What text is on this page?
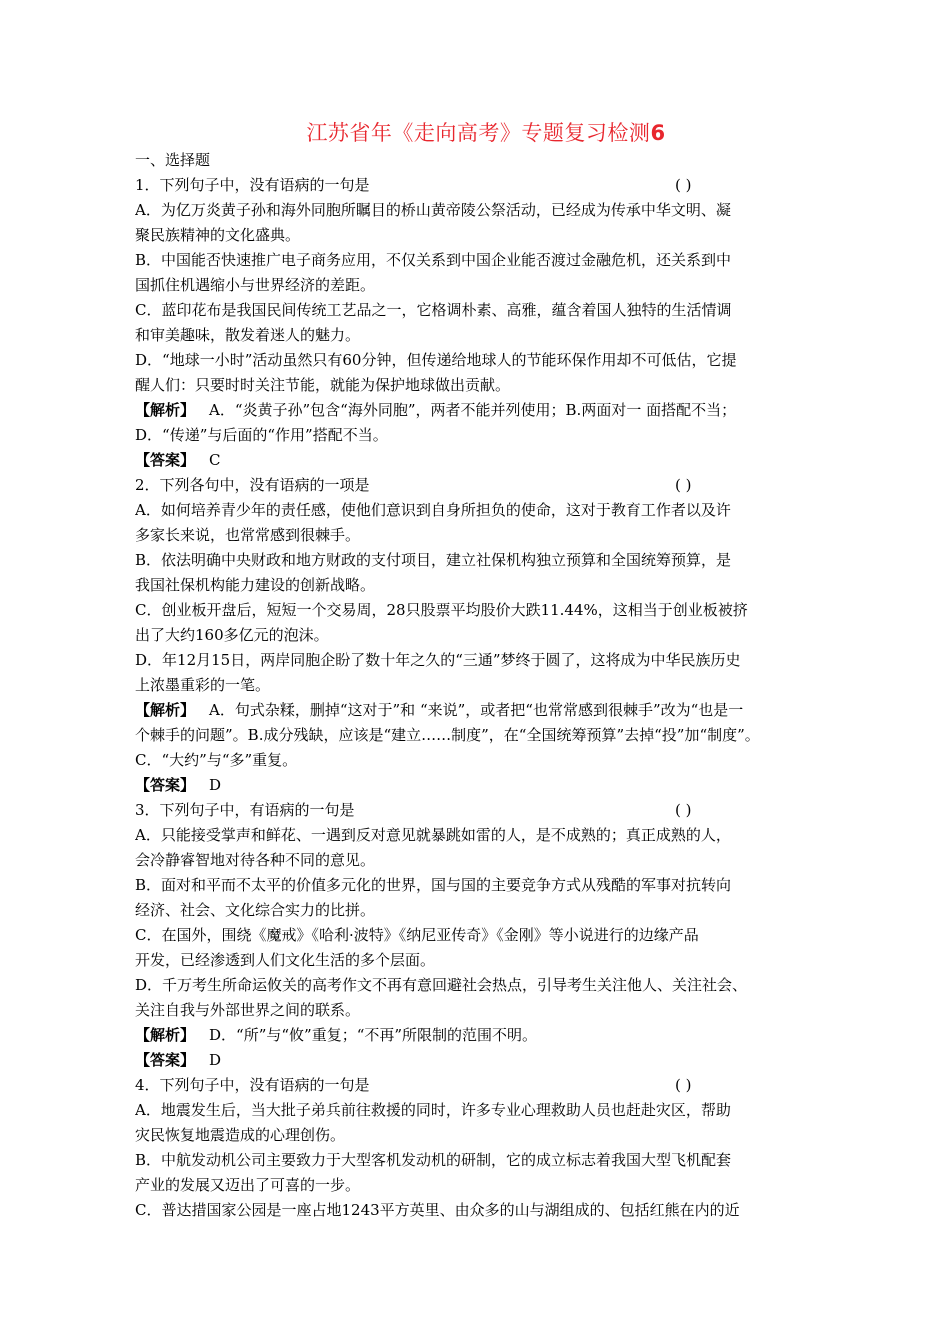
江苏省年《走向高考》专题复习检测6
一、选择题
1．下列句子中，没有语病的一句是	( )
A．为亿万炎黄子孙和海外同胞所瞩目的桥山黄帝陵公祭活动，已经成为传承中华文明、凝
聚民族精神的文化盛典。
B．中国能否快速推广电子商务应用，不仅关系到中国企业能否渡过金融危机，还关系到中
国抓住机遇缩小与世界经济的差距。
C．蓝印花布是我国民间传统工艺品之一，它格调朴素、高雅，蕴含着国人独特的生活情调
和审美趣味，散发着迷人的魅力。
D．“地球一小时”活动虽然只有60分钟，但传递给地球人的节能环保作用却不可低估，它提
醒人们：只要时时关注节能，就能为保护地球做出贡献。
【解析】 A．“炎黄子孙”包含“海外同胞”，两者不能并列使用；B.两面对一 面搭配不当；
D．“传递”与后面的“作用”搭配不当。
【答案】 C
2．下列各句中，没有语病的一项是	( )
A．如何培养青少年的责任感，使他们意识到自身所担负的使命，这对于教育工作者以及许
多家长来说，也常常感到很棘手。
B．依法明确中央财政和地方财政的支付项目，建立社保机构独立预算和全国统筹预算，是
我国社保机构能力建设的创新战略。
C．创业板开盘后，短短一个交易周，28只股票平均股价大跌11.44%，这相当于创业板被挤
出了大约160多亿元的泡沫。
D．年12月15日，两岸同胞企盼了数十年之久的“三通”梦终于圆了，这将成为中华民族历史
上浓墨重彩的一笔。
【解析】 A．句式杂糅，删掉“这对于”和 “来说”，或者把“也常常感到很棘手”改为“也是一
个棘手的问题”。B.成分残缺，应该是“建立……制度”，在“全国统筹预算”去掉“投”加“制度”。
C．“大约”与“多”重复。
【答案】 D
3．下列句子中，有语病的一句是	( )
A．只能接受掌声和鲜花、一遇到反对意见就暴跳如雷的人，是不成熟的；真正成熟的人，
会冷静睿智地对待各种不同的意见。
B．面对和平而不太平的价值多元化的世界，国与国的主要竞争方式从残酷的军事对抗转向
经济、社会、文化综合实力的比拼。
C．在国外，围绕《魔戒》《哈利·波特》《纳尼亚传奇》《金刚》等小说进行的边缘产品
开发，已经渗透到人们文化生活的多个层面。
D．千万考生所命运攸关的高考作文不再有意回避社会热点，引导考生关注他人、关注社会、
关注自我与外部世界之间的联系。
【解析】 D．“所”与“攸”重复；“不再”所限制的范围不明。
【答案】 D
4．下列句子中，没有语病的一句是	( )
A．地震发生后，当大批子弟兵前往救援的同时，许多专业心理救助人员也赶赴灾区，帮助
灾民恢复地震造成的心理创伤。
B．中航发动机公司主要致力于大型客机发动机的研制，它的成立标志着我国大型飞机配套
产业的发展又迈出了可喜的一步。
C．普达措国家公园是一座占地1243平方英里、由众多的山与湖组成的、包括红熊在内的近
